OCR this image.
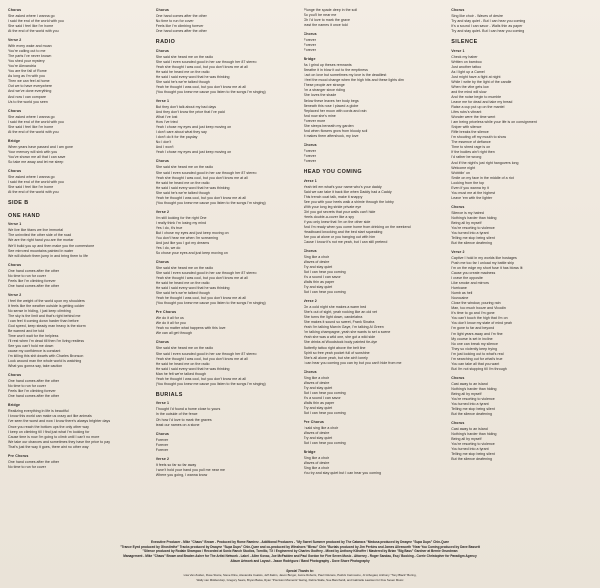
Chorus
She asked where I wanna go
I said the end of the world with you
She said I feel like I'm home
At the end of the world with you
Verse 2
With every wake and moan
You're calling out to me
The parts I've never known
You shed your mystery
You're Alexandria
You are the fall of Rome
As long as I'm with you
Then we can feel at home
Out we to have everywhere
And we've done everything
And now I can compare
Us to the world you seen
Chorus
She asked where I wanna go
I said the end of the world with you
She said I feel like I'm home
At the end of the world with you
Bridge
When years have passed and I am gone
Your memory will sink with you
You've shown me all that I can save
So take me away and let me sleep
Chorus
She asked where I wanna go
I said the end of the world with you
She said I feel like I'm home
At the end of the world with you
SIDE B
ONE HAND
Verse 1
We live like titans we live immortal
The uninvited the other side of the road
We are the right hand you are the mortar
We'll build you up and then make you the cornerstone
See mirrored mountains painted in water
We will disturb them jump in and bring them to life
Chorus
One hand comes after the other
No time to run for cover
Feels like I'm climbing forever
One hand comes after the other
Verse 2
I feel the weight of the world upon my shoulders
It feels like the weather outside is getting colder
No sense in hiding, I just keep climbing
The sky is the limit and that's right behind me
I can feel it coming down harder than before
God speed, keep steady man heavy is the storm
Be warned and be told
Time won't wait for the helpless
I'll rest when I'm dead till then I'm living restless
See you can't hold me down
cause my confidence is constant
I'm killing this shit dwarfs with Charles Bronson
Look around man the whole world is watching
What you gonna say, take caution
Chorus
One hand comes after the other
No time to run for cover
Feels like I'm climbing forever
One hand comes after the other
Bridge
Realizing everything in life is beautiful
I know this world can make us crazy act like animals
I've seen the worst and now I know there's always brighter days
Once you reach the bottom ups the only other way
I keep on climbing till I find just what I'm looking for
Cause time is now I'm going to climb until I can't no more
We take our chances and sometimes they have the price to pay
That's just the way it goes, there aint no other way
Pre Chorus
One hand comes after the other
No time to run for cover
Chorus
One hand comes after the other
No time to run for cover
Feels like I'm climbing forever
One hand comes after the other
RADIO
Chorus
She said she heard me on the radio
She said I even sounded good in her car through her 87 stereo
Yeah she thought I was cool, but you don't know me at all
He said he heard me on the radio
He said I said every word that he was thinking
She said he's we're talked though
Yeah he thought I was cool, but you don't know me at all
(You thought you knew me cause you listen to the songs I'm singing)
Verse 1
But they don't talk about my bad days
And they don't know the price that I've paid
What I've lost
How I've tried
Yeah I chose my eyes and just keep moving on
I don't care about what they say
I don't do it for the payday
No I don't
And I won't
Yeah I chose my eyes and just keep moving on
Chorus
She said she heard me on the radio
She said I even sounded good in her car through her 87 stereo
Yeah she thought I was cool, but you don't know me at all
He said he heard me on the radio
He said I said every word that he was thinking
She said he's we're talked though
Yeah he thought I was cool, but you don't know me at all
(You thought you knew me cause you listen to the songs I'm singing)
Verse 2
I'm still looking for the right One
I really think I'm losing my mind
Yes I do, it's true
But I chose my eyes and just keep moving on
You don't hear me when I'm screaming
And just like you I got my dreams
Yes I do, we do
So chose your eyes and just keep moving on
Chorus
She said she heard me on the radio
She said I even sounded good in her car through her 87 stereo
Yeah she thought I was cool, but you don't know me at all
He said he heard me on the radio
He said I said every word that he was thinking
She said he's we're talked though
Yeah he thought I was cool, but you don't know me at all
(You thought you knew me cause you listen to the songs I'm singing)
Pre Chorus
We do it all for us
We do it all for you
Yeah no matter what happens with this love
We can all get through
Chorus
She said she heard me on the radio
She said I even sounded good in her car through her 87 stereo
Yeah she thought I was cool, but you don't know me at all
He said he heard me on the radio
He said I said every word that he was thinking
Man he felt we're talked though
Yeah he thought I was cool, but you don't know me at all
(You thought you knew me cause you listen to the songs I'm singing)
BURIALS
Verse 1
Thought I'd found a home close to yours
In the outside of the fence
Oh how I'd love to mark the graves
least our names on a stone
Chorus
Forever
Forever
Forever
Verse 2
It feels so far so far away
I won't hold your hand you pull me near me
Where you going, I wanna know
Plunge the spade deep in the soil
So you'll be near me
Oh I'd love to mark the grave
least the names it once told
Chorus
Forever
Forever
Forever
Bridge
As I grind up theses remnants
Breathe it in blow it out to the emptiness
I act on love but sometimes my love is the deadliest
I feel the mood change when the high hits and these lights dim
These people are strange
I'm a stranger since riding
She loves the shade
Below these leaves her body begs
Beneath this rose I placed a globe
Replaced her moon with cords and rain
And now she's mine
Forever more
She sleeps beneath my garden
And when flowers grow from bloody soil
It makes them aftershock, my love
Chorus
Forever
Forever
Forever
HEAD YOU COMING
Verse 1
Yeah tell em what's your name who's your daddy
Said we can take it back like when Daddy had a Caddy
This trench coat talk, make it snappy
See you with your heels walk a shimie through the lobby
With your long leg stride private eye
Girl you got secrets that your walls can't hide
Heels double-a-cover like a spy
If you only knew that I'm on the other side
And I'm ready when you come home from drinking on the weekend
Headboard knocking and the bed start squeaking
Are you at alone or you hanging out with him
Cause I know it's not me yeah, but I can still pretend
Chorus
Sing like a choir
Waves of desire
Try and stay quiet
But I can hear you coming
It's a sound I can savor
Walls thin as paper
Try and stay quiet
But I can hear you coming
Verse 2
On a cold night she makes a warm bed
She's out of sight, yeah rocking like an old vet
She turns the light down, candelabra
She makes it sound so sweet, Frank Sinatra
Yeah I'm talking Marvin Gaye, I'm talking Al Green
I'm talking champagne, yeah she wants to set a scene
Yeah she was a wild one, she got a wild side
She drinks at Woodstock body painted tie-dye
Butterfly tattoo right above the belt line
Spirit so free yeah pocket full of sunshine
She's all alone yeah, but she ain't lonely
I can hear you coming you can try but you can't hide from me
Chorus
Sing like a choir
Waves of desire
Try and stay quiet
But I can hear you coming
It's a sound I can savor
Walls thin as paper
Try and stay quiet
But I can hear you coming
Pre Chorus
I said sing like a choir
Waves of desire
Try and stay quiet
But I can hear you coming
Bridge
Sing like a choir
Waves of desire
Sing like a choir
You try and stay quiet but I can hear you coming
Chorus
Sing like choir - Waves of desire
Try and stay quiet - But I can hear you coming
It's a sound I can savor - Walls thin as paper
Try and stay quiet- But I can hear you coming
SILENCE
Verse 1
Check my haber
Written on bamboo
Just another tattoo
As I light up a Camel
Just might have a fight at night
While I write by the light of the candle
When the vibe gets low
and the mind will slow
And the noise begin to mumble
Leave me for dead and take my bread
Raise a cup put up on the mantel
Lifes rubs's vibrant
Wonder were the time went
I am being priceless while your life is on consignment
Sniper with silence
Rifle breaks the silence
I'm shouting off my mouth to show
The essence of defiance
Time to shred rage is on
If the bodies ain't right then
I'd rather be wrong
And if the night's just right hangovers long
Welcome night
Wobblin' on
Smile on my face in the middle of a riot
Looking from the top
Even if you wanna try it
You must me at the highest
Leave 'em with the lighter
Chorus
Silence is my hatred
Nothing's harder than hiding
Being all by myself
You're resorting to violence
You turned into a tyrant
Telling me stop being silent
But the silence deafening
Verse 2
Captive I hold in my worlds like hostages
Push me too far I unload my battle ship
I'm on the edge my short fuse it has blows lit
Cause you create madness
I crave the opposite
Like smoke and mirrors
Hurricane
Numb as hell
Novocaine
Close the window, pouring rain
Man, too much booze and Vicodin
It's time to go and I'm gone
You can't touch the high that I'm on
You don't know my state of mind yeah
I'm gone to far and beyond
I'm light years away and I'm fine
My course is set in incline
No one can break my silence
They so violently keep trying
I'm just looking out to what's real
I'm searching out for what's true
You can take all that you want
But I'm not stopping till I'm through
Chorus
Cast away to an island
Nothing's harder than hiding
Being all by myself
You're resorting to violence
You turned into a tyrant
Telling me stop being silent
But the silence deafening
Chorus
Cast away to an island
Nothing's harder than hiding
Being all by myself
You're resorting to violence
You turned into a tyrant
Telling me stop being silent
But the silence deafening
Executive Producer - Mike "Chaos" Brown - Produced by Rome Ramirez - Additional Producers - "My Sweet Summer produced by The Cataracs "Medusa produced by Dwayne "Supa Dups" Chin-Quee
"Trance Eyed produced by Ghostinthe" Tracks produced by Dwayne "Supa Dups" Chin-Quee and co-produced by Winshoes "Bleau" Chin "Burials produced by Jim Perkins and James Allesworth "Near You Coming produced by Dave Bassett
"Silence produced by Rodain Shampoo / Recorded at Sonic Ranch Studios, Tornillo, TX / Engineered by Charles Godfrey - Mixed by Anthony Kilhoffer / Mastered by Brian "Big Bass" Gardner at Bernie Grundman
Management - Mike "Chaos" Brown and Braden Asher for The Artist Network - Label - Allen Kovac, Joe McFadden and Paul Gordon for Five Seven Music - Attorney - Roger Sandau, Esq / Booking - Corrie Christopher for Paradigm Agency
Album Artwork and Layout - Jason Rodriguez / Band Photography - Dove Shore Photography
Special Thanks to:
Lisa Van Zuiden, Rose Slonie, Steve Kline, Alexandra Coatsis, Jeff Zakim, Jason Burger, Jamie Roberts, Paul Odurans, Patrick Carmosino, JJ Arbogast, Anthony "Tony Black" Boring,
Wally van Middendorp, Gregory Sears, Bryan Baisa, Ryan "Precision Moments" Ewing, Debra Stalle, Sue Banchardt, and Gabrielle Lawsten for Five Seven Music
